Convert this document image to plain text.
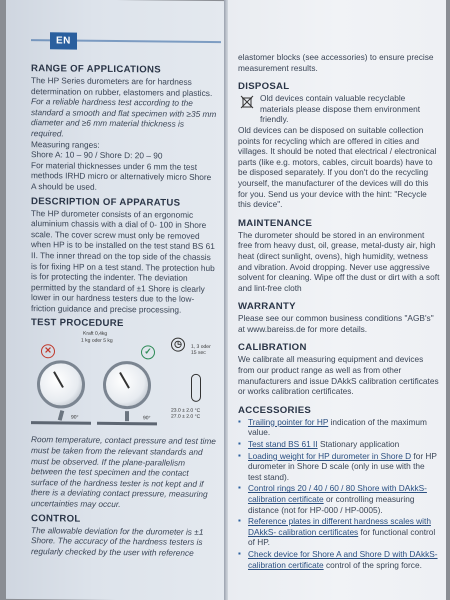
EN
RANGE OF APPLICATIONS

The HP Series durometers are for hardness determination on rubber, elastomers and plastics.

For a reliable hardness test according to the standard a smooth and flat specimen with ≥35 mm diameter and ≥6 mm material thickness is required.

Measuring ranges:

Shore A: 10 – 90 / Shore D: 20 – 90

For material thicknesses under 6 mm the test methods IRHD micro or alternatively micro Shore A should be used.

DESCRIPTION OF APPARATUS

The HP durometer consists of an ergonomic aluminium chassis with a dial of 0- 100 in Shore scale. The cover screw must only be removed when HP is to be installed on the test stand BS 61 II. The inner thread on the top side of the chassis is for fixing HP on a test stand. The protection hub is for protecting the indenter. The deviation permitted by the standard of ±1 Shore is clearly lower in our hardness testers due to the low-friction guidance and precise processing.

TEST PROCEDURE
Kraft 0,4kg
1 kg oder 5 kg
✕	✓
◷	1, 3 oder
15 sec
90°	90°
23.0 ± 2.0 °C
27.0 ± 2.0 °C

Room temperature, contact pressure and test time must be taken from the relevant standards and must be observed. If the plane-parallelism between the test specimen and the contact surface of the hardness tester is not kept and if there is a deviating contact pressure, measuring uncertainties may occur.

CONTROL

The allowable deviation for the durometer is ±1 Shore. The accuracy of the hardness testers is regularly checked by the user with reference

elastomer blocks (see accessories) to ensure precise measurement results.

DISPOSAL

Old devices contain valuable recyclable materials please dispose them environment friendly.

Old devices can be disposed on suitable collection points for recycling which are offered in cities and villages. It should be noted that electrical / electronical parts (like e.g. motors, cables, circuit boards) have to be disposed separately. If you don't do the recycling yourself, the manufacturer of the devices will do this for you. Send us your device with the hint: "Recycle this device".

MAINTENANCE

The durometer should be stored in an environment free from heavy dust, oil, grease, metal-dusty air, high heat (direct sunlight, ovens), high humidity, wetness and vibration. Avoid dropping. Never use aggressive solvent for cleaning. Wipe off the dust or dirt with a soft and lint-free cloth

WARRANTY

Please see our common business conditions "AGB's" at www.bareiss.de for more details.

CALIBRATION

We calibrate all measuring equipment and devices from our product range as well as from other manufacturers and issue DAkkS calibration certificates or works calibration certificates.

ACCESSORIES
▪ Trailing pointer for HP indication of the maximum value.
▪ Test stand BS 61 II Stationary application
▪ Loading weight for HP durometer in Shore D for HP durometer in Shore D scale (only in use with the test stand).
▪ Control rings 20 / 40 / 60 / 80 Shore with DAkkS-calibration certificate or controlling measuring distance (not for HP-000 / HP-0005).
▪ Reference plates in different hardness scales with DAkkS- calibration certificates for functional control of HP.
▪ Check device for Shore A and Shore D with DAkkS-calibration certificate control of the spring force.
